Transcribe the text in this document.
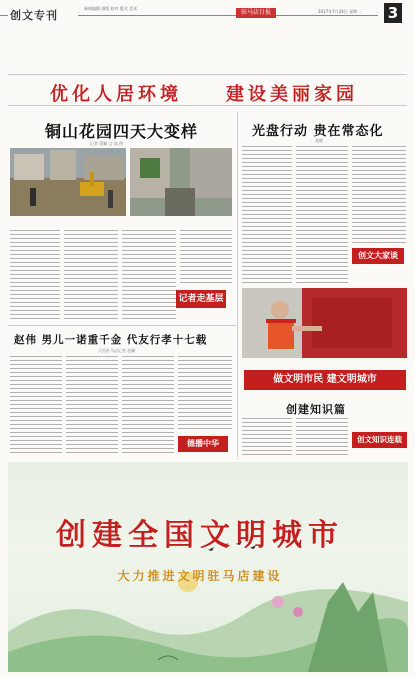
创文专刊
新闻编辑 排版 校对 版式 美术
驻马店日报	2017年7月24日 星期一 3
优化人居环境 建设美丽家园
铜山花园四天大变样
记者 蔡颖 文 高 图
记者走基层
光盘行动 贵在常态化
张晓
创文大家谈
做文明市民 建文明城市
赵伟 男儿一诺重千金 代友行孝十七载
大河驻马店记者 赵珊
德播中华
创建知识篇
创文知识连载
创建全国文明城市
大力推进文明驻马店建设
